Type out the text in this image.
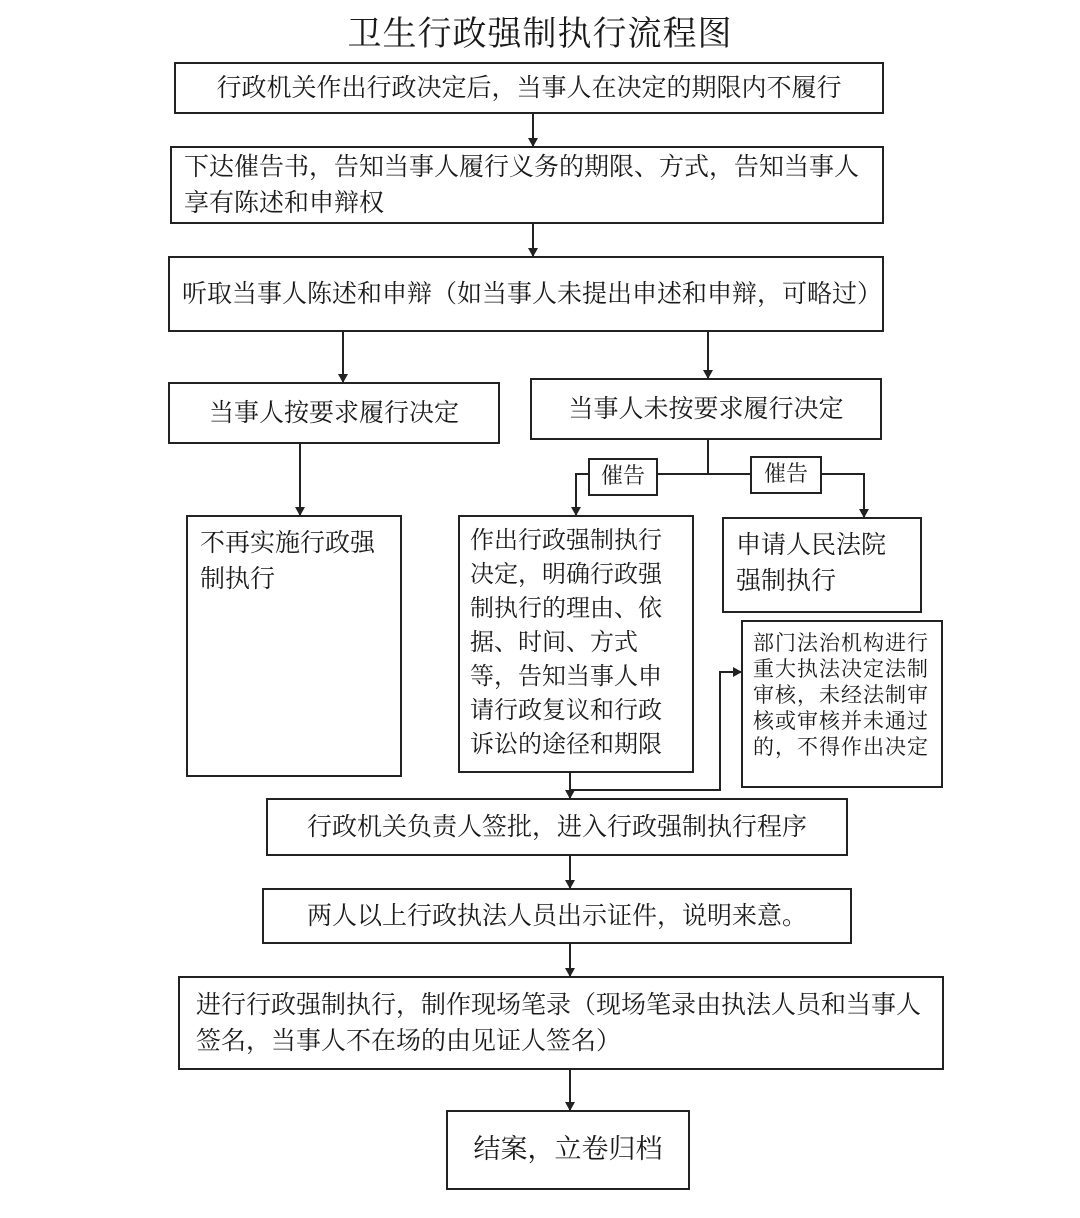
卫生行政强制执行流程图
行政机关作出行政决定后，当事人在决定的期限内不履行
下达催告书，告知当事人履行义务的期限、方式，告知当事人享有陈述和申辩权
听取当事人陈述和申辩（如当事人未提出申述和申辩，可略过）
当事人按要求履行决定	当事人未按要求履行决定
催告	催告
不再实施行政强制执行
作出行政强制执行决定，明确行政强制执行的理由、依据、时间、方式等，告知当事人申请行政复议和行政诉讼的途径和期限
申请人民法院强制执行
部门法治机构进行重大执法决定法制审核，未经法制审核或审核并未通过的，不得作出决定
行政机关负责人签批，进入行政强制执行程序
两人以上行政执法人员出示证件，说明来意。
进行行政强制执行，制作现场笔录（现场笔录由执法人员和当事人签名，当事人不在场的由见证人签名）
结案，立卷归档
